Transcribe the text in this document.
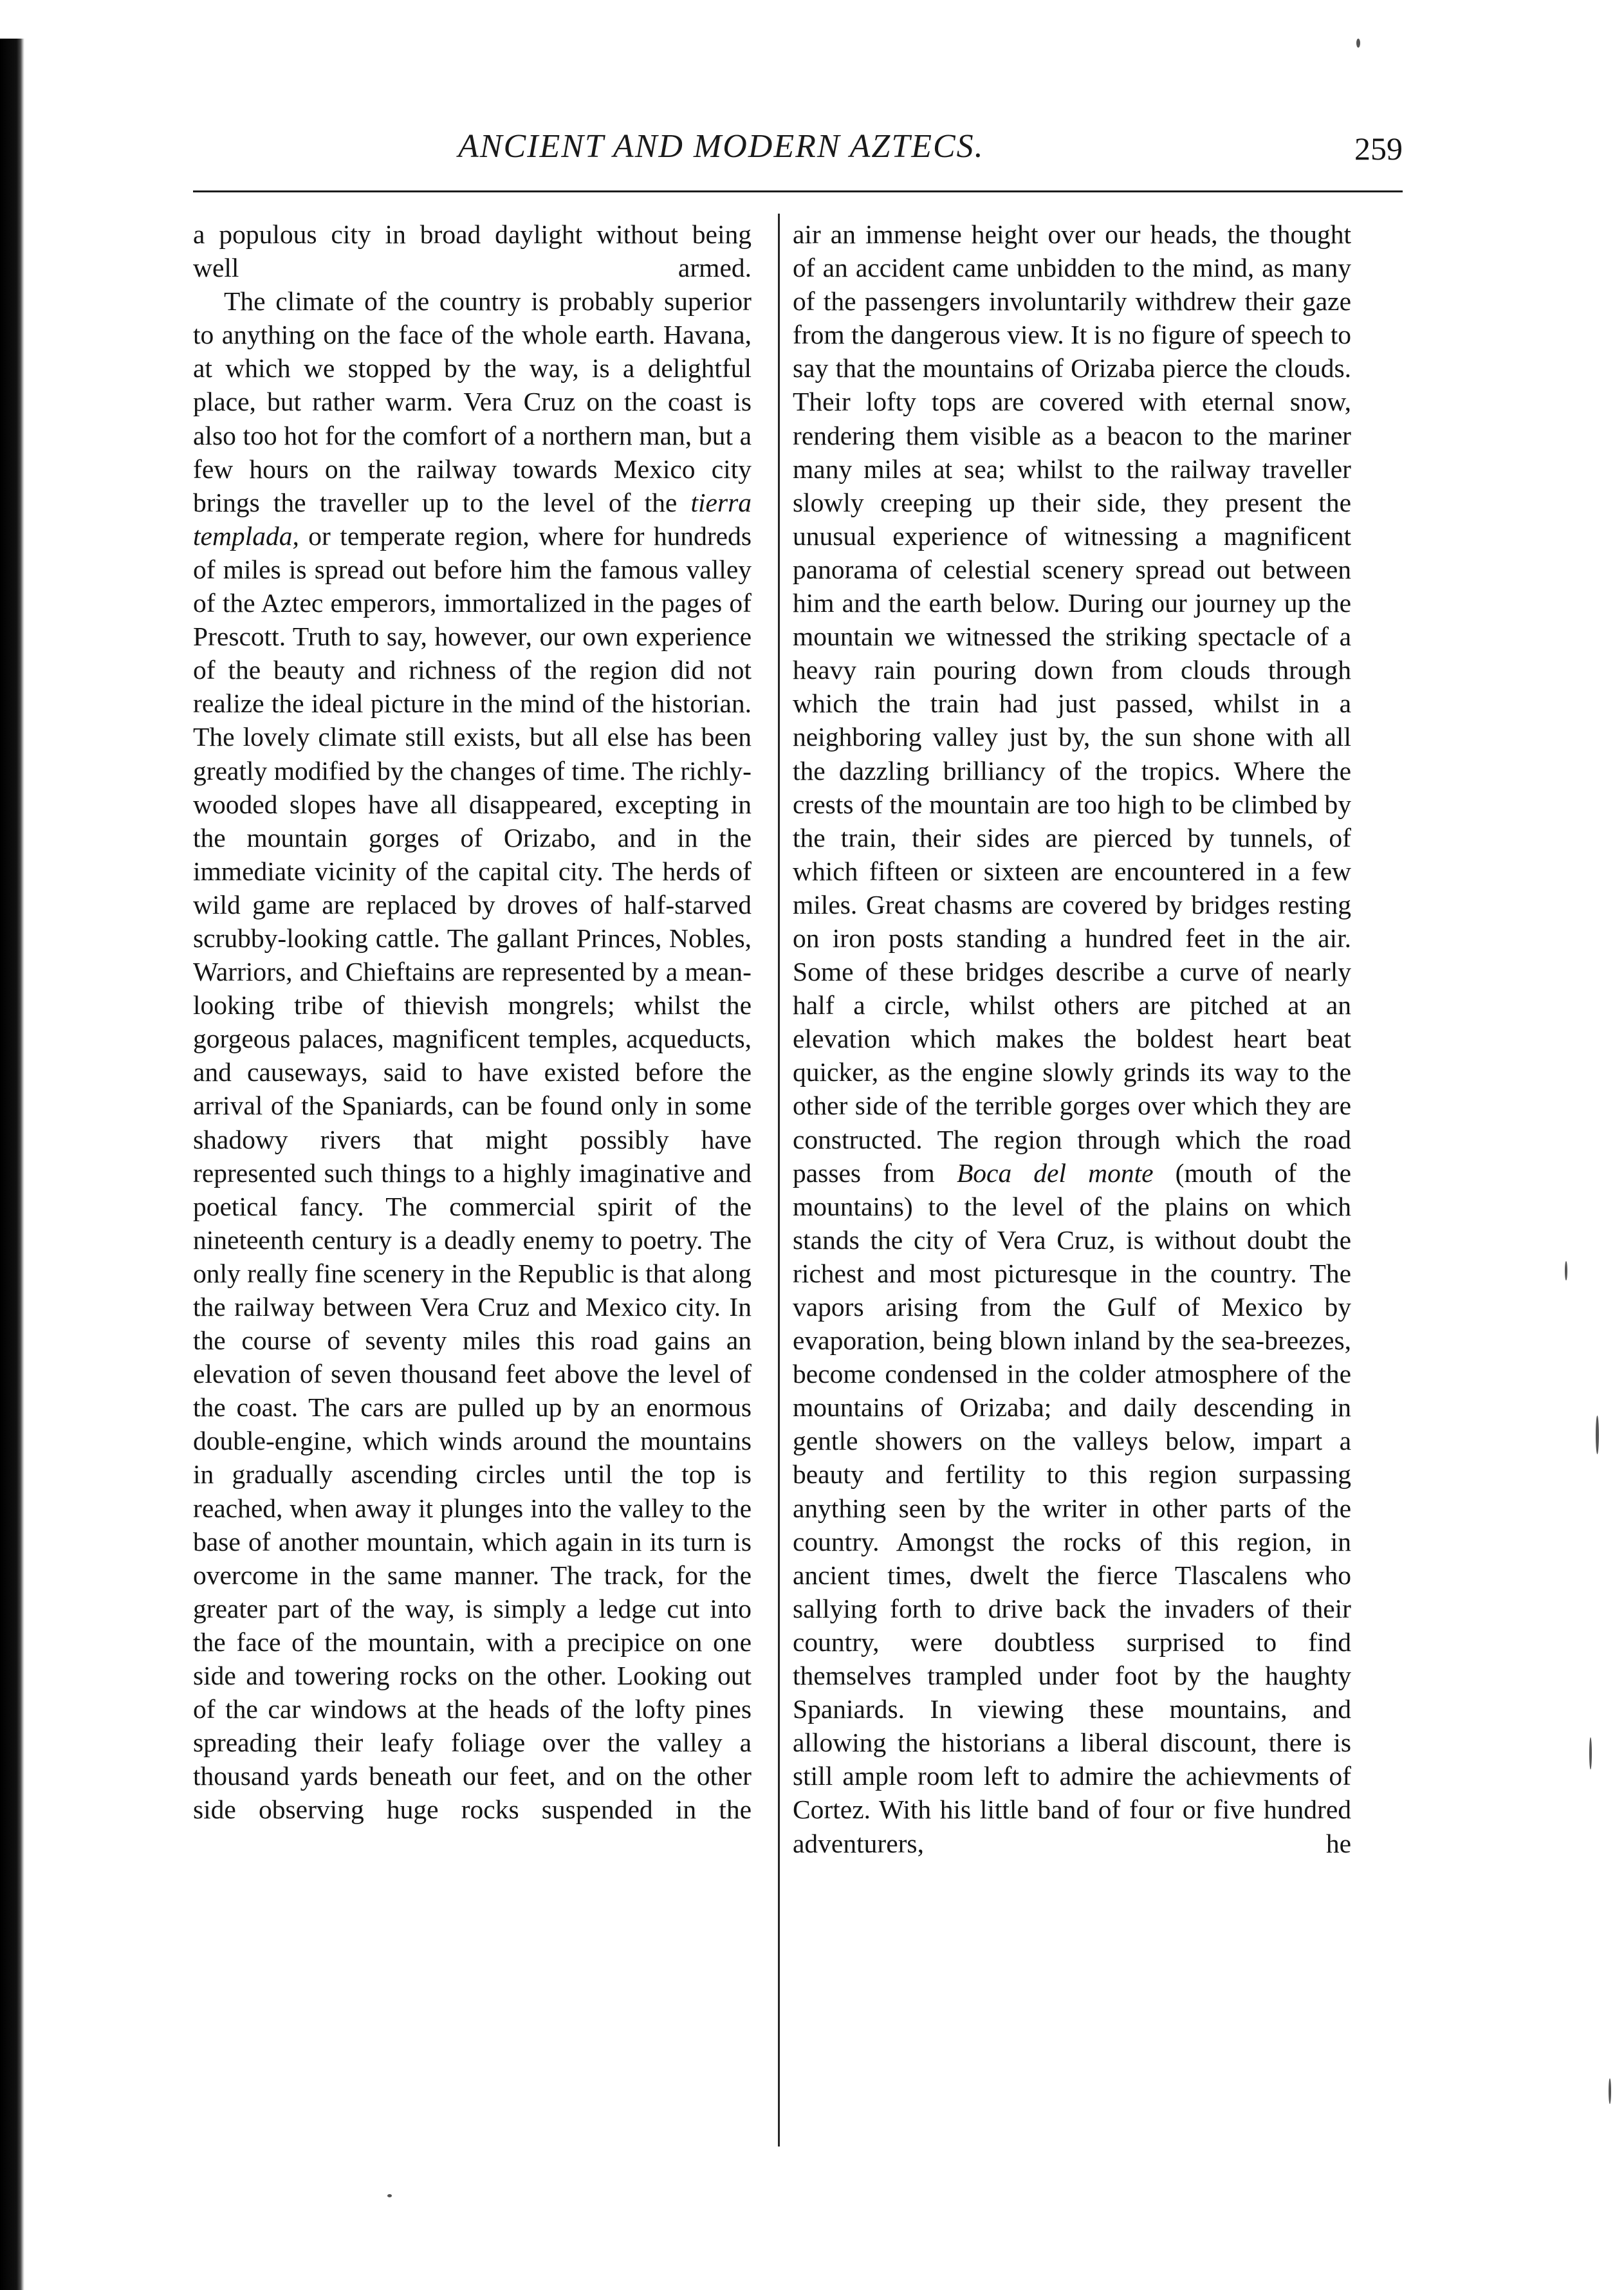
ANCIENT AND MODERN AZTECS.	259

a populous city in broad daylight without being well armed.

The climate of the country is probably superior to anything on the face of the whole earth. Havana, at which we stopped by the way, is a delightful place, but rather warm. Vera Cruz on the coast is also too hot for the comfort of a northern man, but a few hours on the railway towards Mexico city brings the traveller up to the level of the tierra templada, or temperate region, where for hundreds of miles is spread out before him the famous valley of the Aztec emperors, immortalized in the pages of Prescott. Truth to say, however, our own experience of the beauty and richness of the region did not realize the ideal picture in the mind of the historian. The lovely climate still exists, but all else has been greatly modified by the changes of time. The richly-wooded slopes have all disappeared, excepting in the mountain gorges of Orizabo, and in the immediate vicinity of the capital city. The herds of wild game are replaced by droves of half-starved scrubby-looking cattle. The gallant Princes, Nobles, Warriors, and Chieftains are represented by a mean-looking tribe of thievish mongrels; whilst the gorgeous palaces, magnificent temples, acqueducts, and causeways, said to have existed before the arrival of the Spaniards, can be found only in some shadowy rivers that might possibly have represented such things to a highly imaginative and poetical fancy. The commercial spirit of the nineteenth century is a deadly enemy to poetry. The only really fine scenery in the Republic is that along the railway between Vera Cruz and Mexico city. In the course of seventy miles this road gains an elevation of seven thousand feet above the level of the coast. The cars are pulled up by an enormous double-engine, which winds around the mountains in gradually ascending circles until the top is reached, when away it plunges into the valley to the base of another mountain, which again in its turn is overcome in the same manner. The track, for the greater part of the way, is simply a ledge cut into the face of the mountain, with a precipice on one side and towering rocks on the other. Looking out of the car windows at the heads of the lofty pines spreading their leafy foliage over the valley a thousand yards beneath our feet, and on the other side observing huge rocks suspended in the

air an immense height over our heads, the thought of an accident came unbidden to the mind, as many of the passengers involuntarily withdrew their gaze from the dangerous view. It is no figure of speech to say that the mountains of Orizaba pierce the clouds. Their lofty tops are covered with eternal snow, rendering them visible as a beacon to the mariner many miles at sea; whilst to the railway traveller slowly creeping up their side, they present the unusual experience of witnessing a magnificent panorama of celestial scenery spread out between him and the earth below. During our journey up the mountain we witnessed the striking spectacle of a heavy rain pouring down from clouds through which the train had just passed, whilst in a neighboring valley just by, the sun shone with all the dazzling brilliancy of the tropics. Where the crests of the mountain are too high to be climbed by the train, their sides are pierced by tunnels, of which fifteen or sixteen are encountered in a few miles. Great chasms are covered by bridges resting on iron posts standing a hundred feet in the air. Some of these bridges describe a curve of nearly half a circle, whilst others are pitched at an elevation which makes the boldest heart beat quicker, as the engine slowly grinds its way to the other side of the terrible gorges over which they are constructed. The region through which the road passes from Boca del monte (mouth of the mountains) to the level of the plains on which stands the city of Vera Cruz, is without doubt the richest and most picturesque in the country. The vapors arising from the Gulf of Mexico by evaporation, being blown inland by the sea-breezes, become condensed in the colder atmosphere of the mountains of Orizaba; and daily descending in gentle showers on the valleys below, impart a beauty and fertility to this region surpassing anything seen by the writer in other parts of the country. Amongst the rocks of this region, in ancient times, dwelt the fierce Tlascalens who sallying forth to drive back the invaders of their country, were doubtless surprised to find themselves trampled under foot by the haughty Spaniards. In viewing these mountains, and allowing the historians a liberal discount, there is still ample room left to admire the achievments of Cortez. With his little band of four or five hundred adventurers, he
